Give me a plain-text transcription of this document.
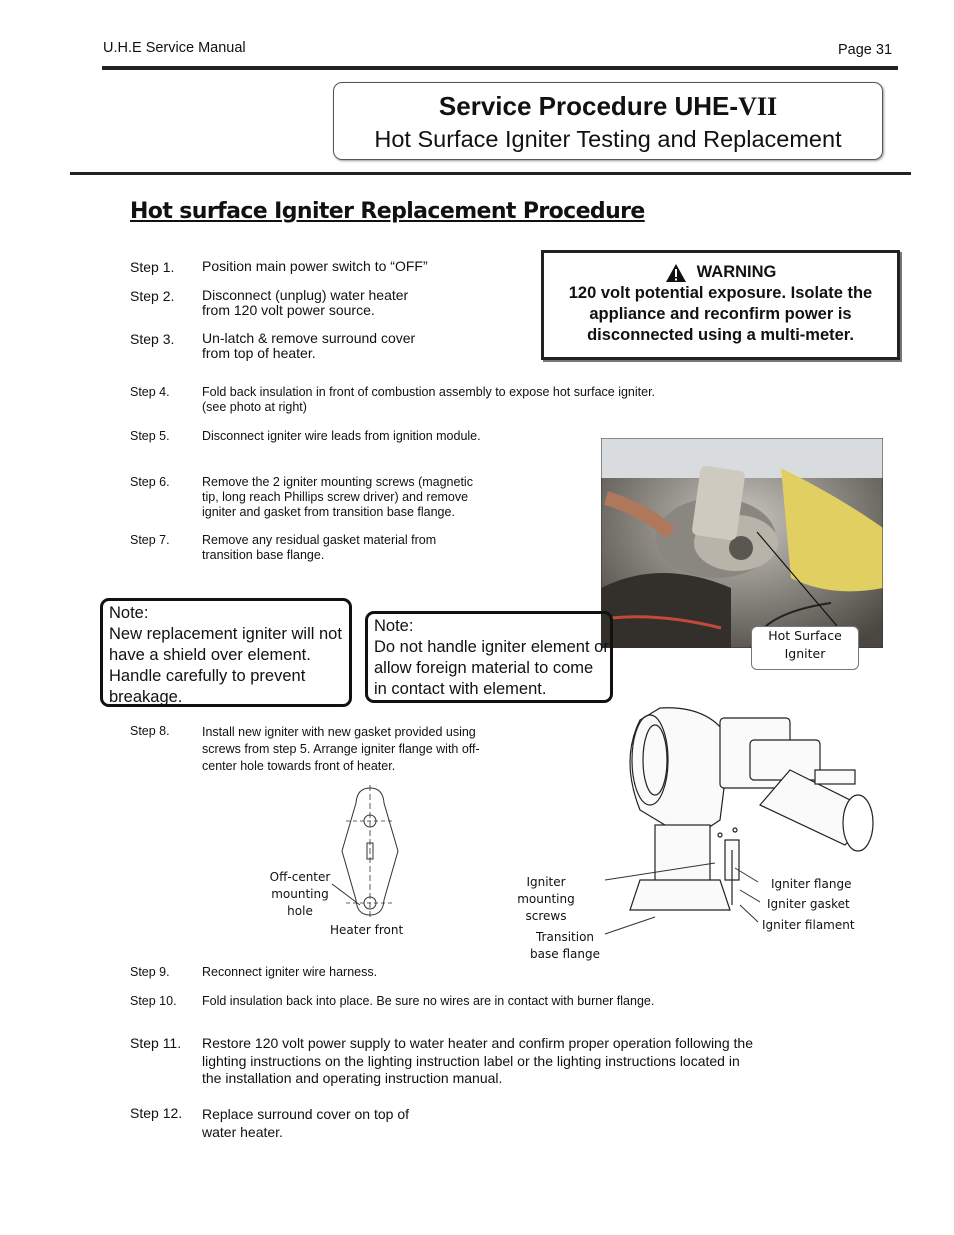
U.H.E Service Manual	Page 31
Service Procedure UHE-VII
Hot Surface Igniter Testing and Replacement
Hot surface Igniter Replacement Procedure
Step 1. Position main power switch to “OFF”
Step 2. Disconnect (unplug) water heater
from 120 volt power source.
Step 3. Un-latch & remove surround cover
from top of heater.
WARNING
120 volt potential exposure. Isolate the appliance and reconfirm power is disconnected using a multi-meter.
Step 4.	Fold back insulation in front of combustion assembly to expose hot surface igniter.
(see photo at right)
Step 5.	Disconnect igniter wire leads from ignition module.
Step 6.	Remove the 2 igniter mounting screws (magnetic
tip, long reach Phillips screw driver) and remove
igniter and gasket from transition base flange.
Step 7.	Remove any residual gasket material from
transition base flange.
Hot Surface
Igniter
Note:
New replacement igniter will not have a shield over element. Handle carefully to prevent breakage.
Note:
Do not handle igniter element or allow foreign material to come in contact with element.
Step 8.	Install new igniter with new gasket provided using
screws from step 5. Arrange igniter flange with off-
center hole towards front of heater.
Off-center
mounting hole
Heater front
Igniter mounting
screws
Transition
base flange
Igniter flange
Igniter gasket
Igniter filament
Step 9.	Reconnect igniter wire harness.
Step 10. Fold insulation back into place. Be sure no wires are in contact with burner flange.
Step 11. Restore 120 volt power supply to water heater and confirm proper operation following the
lighting instructions on the lighting instruction label or the lighting instructions located in
the installation and operating instruction manual.
Step 12. Replace surround cover on top of
water heater.
